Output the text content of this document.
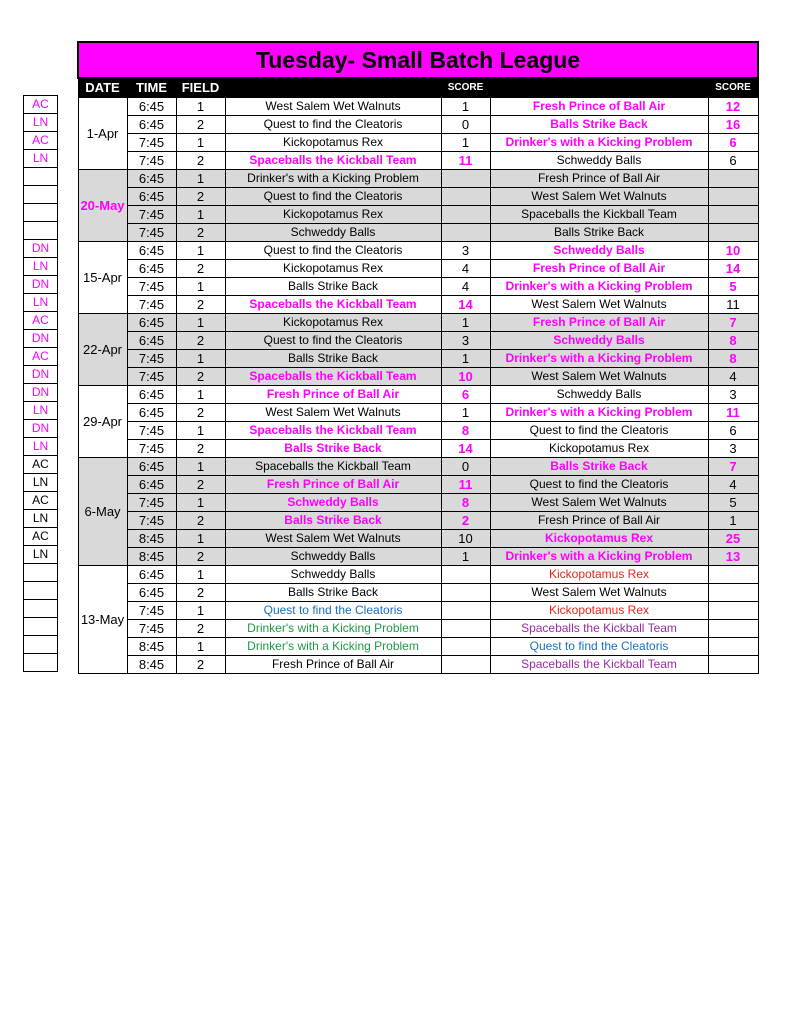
AC
LN
AC
LN

DN
LN
DN
LN
AC
DN
AC
DN
DN
LN
DN
LN
AC
LN
AC
LN
AC
LN

Tuesday- Small Batch League						
DATE	TIME	FIELD		SCORE		SCORE
1-Apr	6:45	1	West Salem Wet Walnuts	1	Fresh Prince of Ball Air	12
	6:45	2	Quest to find the Cleatoris	0	Balls Strike Back	16
	7:45	1	Kickopotamus Rex	1	Drinker's with a Kicking Problem	6
	7:45	2	Spaceballs the Kickball Team	11	Schweddy Balls	6
20-May	6:45	1	Drinker's with a Kicking Problem		Fresh Prince of Ball Air	
	6:45	2	Quest to find the Cleatoris		West Salem Wet Walnuts	
	7:45	1	Kickopotamus Rex		Spaceballs the Kickball Team	
	7:45	2	Schweddy Balls		Balls Strike Back	
15-Apr	6:45	1	Quest to find the Cleatoris	3	Schweddy Balls	10
	6:45	2	Kickopotamus Rex	4	Fresh Prince of Ball Air	14
	7:45	1	Balls Strike Back	4	Drinker's with a Kicking Problem	5
	7:45	2	Spaceballs the Kickball Team	14	West Salem Wet Walnuts	11
22-Apr	6:45	1	Kickopotamus Rex	1	Fresh Prince of Ball Air	7
	6:45	2	Quest to find the Cleatoris	3	Schweddy Balls	8
	7:45	1	Balls Strike Back	1	Drinker's with a Kicking Problem	8
	7:45	2	Spaceballs the Kickball Team	10	West Salem Wet Walnuts	4
29-Apr	6:45	1	Fresh Prince of Ball Air	6	Schweddy Balls	3
	6:45	2	West Salem Wet Walnuts	1	Drinker's with a Kicking Problem	11
	7:45	1	Spaceballs the Kickball Team	8	Quest to find the Cleatoris	6
	7:45	2	Balls Strike Back	14	Kickopotamus Rex	3
6-May	6:45	1	Spaceballs the Kickball Team	0	Balls Strike Back	7
	6:45	2	Fresh Prince of Ball Air	11	Quest to find the Cleatoris	4
	7:45	1	Schweddy Balls	8	West Salem Wet Walnuts	5
	7:45	2	Balls Strike Back	2	Fresh Prince of Ball Air	1
	8:45	1	West Salem Wet Walnuts	10	Kickopotamus Rex	25
	8:45	2	Schweddy Balls	1	Drinker's with a Kicking Problem	13
13-May	6:45	1	Schweddy Balls		Kickopotamus Rex	
	6:45	2	Balls Strike Back		West Salem Wet Walnuts	
	7:45	1	Quest to find the Cleatoris		Kickopotamus Rex	
	7:45	2	Drinker's with a Kicking Problem		Spaceballs the Kickball Team	
	8:45	1	Drinker's with a Kicking Problem		Quest to find the Cleatoris	
	8:45	2	Fresh Prince of Ball Air		Spaceballs the Kickball Team	
